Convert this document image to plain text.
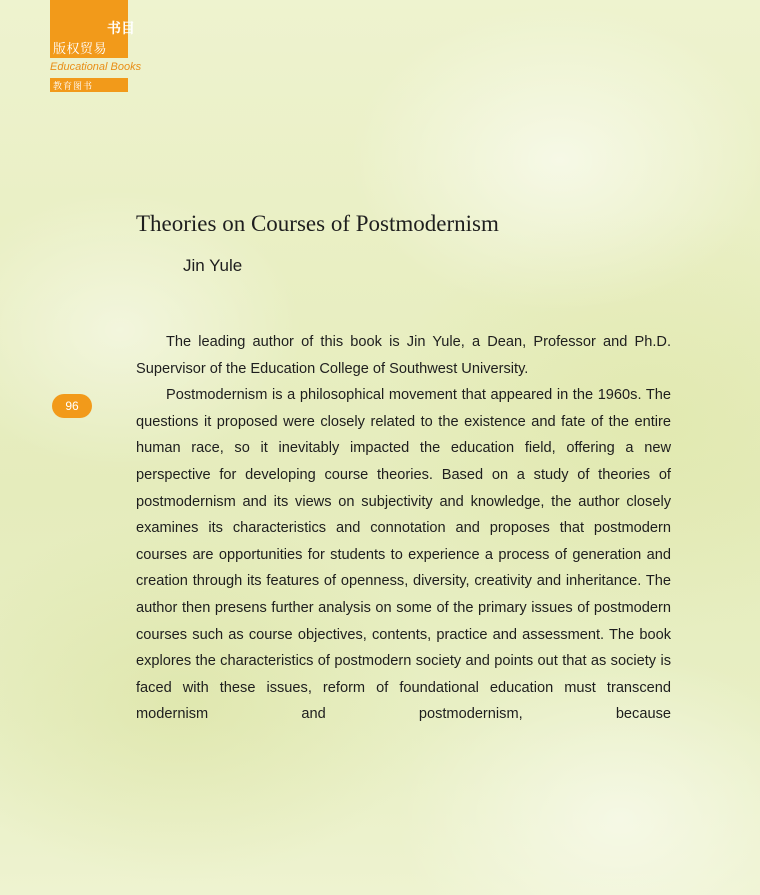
书目
版权贸易
Educational Books
教育图书
96
Theories on Courses of Postmodernism
Jin Yule

The leading author of this book is Jin Yule, a Dean, Professor and Ph.D. Supervisor of the Education College of Southwest University.

Postmodernism is a philosophical movement that appeared in the 1960s. The questions it proposed were closely related to the existence and fate of the entire human race, so it inevitably impacted the education field, offering a new perspective for developing course theories. Based on a study of theories of postmodernism and its views on subjectivity and knowledge, the author closely examines its characteristics and connotation and proposes that postmodern courses are opportunities for students to experience a process of generation and creation through its features of openness, diversity, creativity and inheritance. The author then presens further analysis on some of the primary issues of postmodern courses such as course objectives, contents, practice and assessment. The book explores the characteristics of postmodern society and points out that as society is faced with these issues, reform of foundational education must transcend modernism and postmodernism, because
